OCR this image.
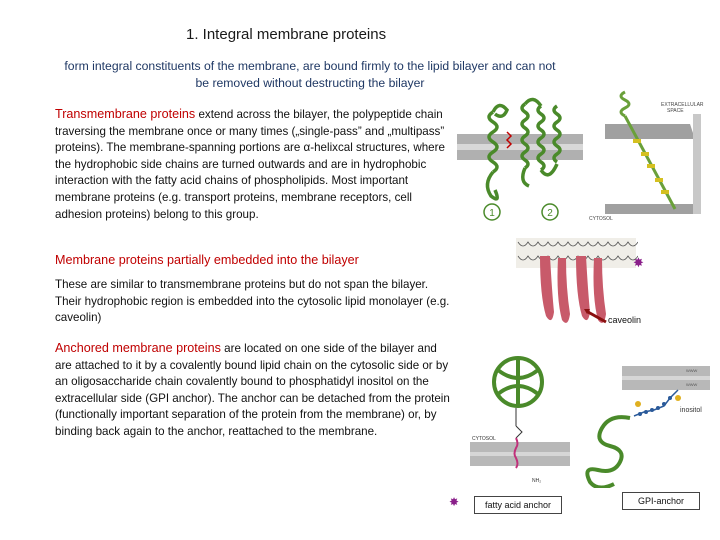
1. Integral membrane proteins
form integral constituents of the membrane, are bound firmly to the lipid bilayer and can not be removed without destructing the bilayer
Transmembrane proteins extend across the bilayer, the polypeptide chain traversing the membrane once or many times („single-pass” and „multipass” proteins). The membrane-spanning portions are α-helixcal structures, where the hydrophobic side chains are turned outwards and are in hydrophobic interaction with the fatty acid chains of phospholipids. Most important membrane proteins (e.g. transport proteins, membrane receptors, cell adhesion proteins) belong to this group.
Membrane proteins partially embedded into the bilayer
These are similar to transmembrane proteins but do not span the bilayer. Their hydrophobic region is embedded into the cytosolic lipid monolayer (e.g. caveolin)
Anchored membrane proteins are located on one side of the bilayer and are attached to it by a covalently bound lipid chain on the cytosolic side or by an oligosaccharide chain covalently bound to phosphatidyl inositol on the extracellular side (GPI anchor). The anchor can be detached from the protein (functionally important separation of the protein from the membrane) or, by binding back again to the anchor, reattached to the membrane.
1	2
EXTRACELLULAR
SPACE
CYTOSOL
caveolin
✸
CYTOSOL
NH₂
✸	fatty acid anchor
WWW
WWW
inositol
GPI-anchor
